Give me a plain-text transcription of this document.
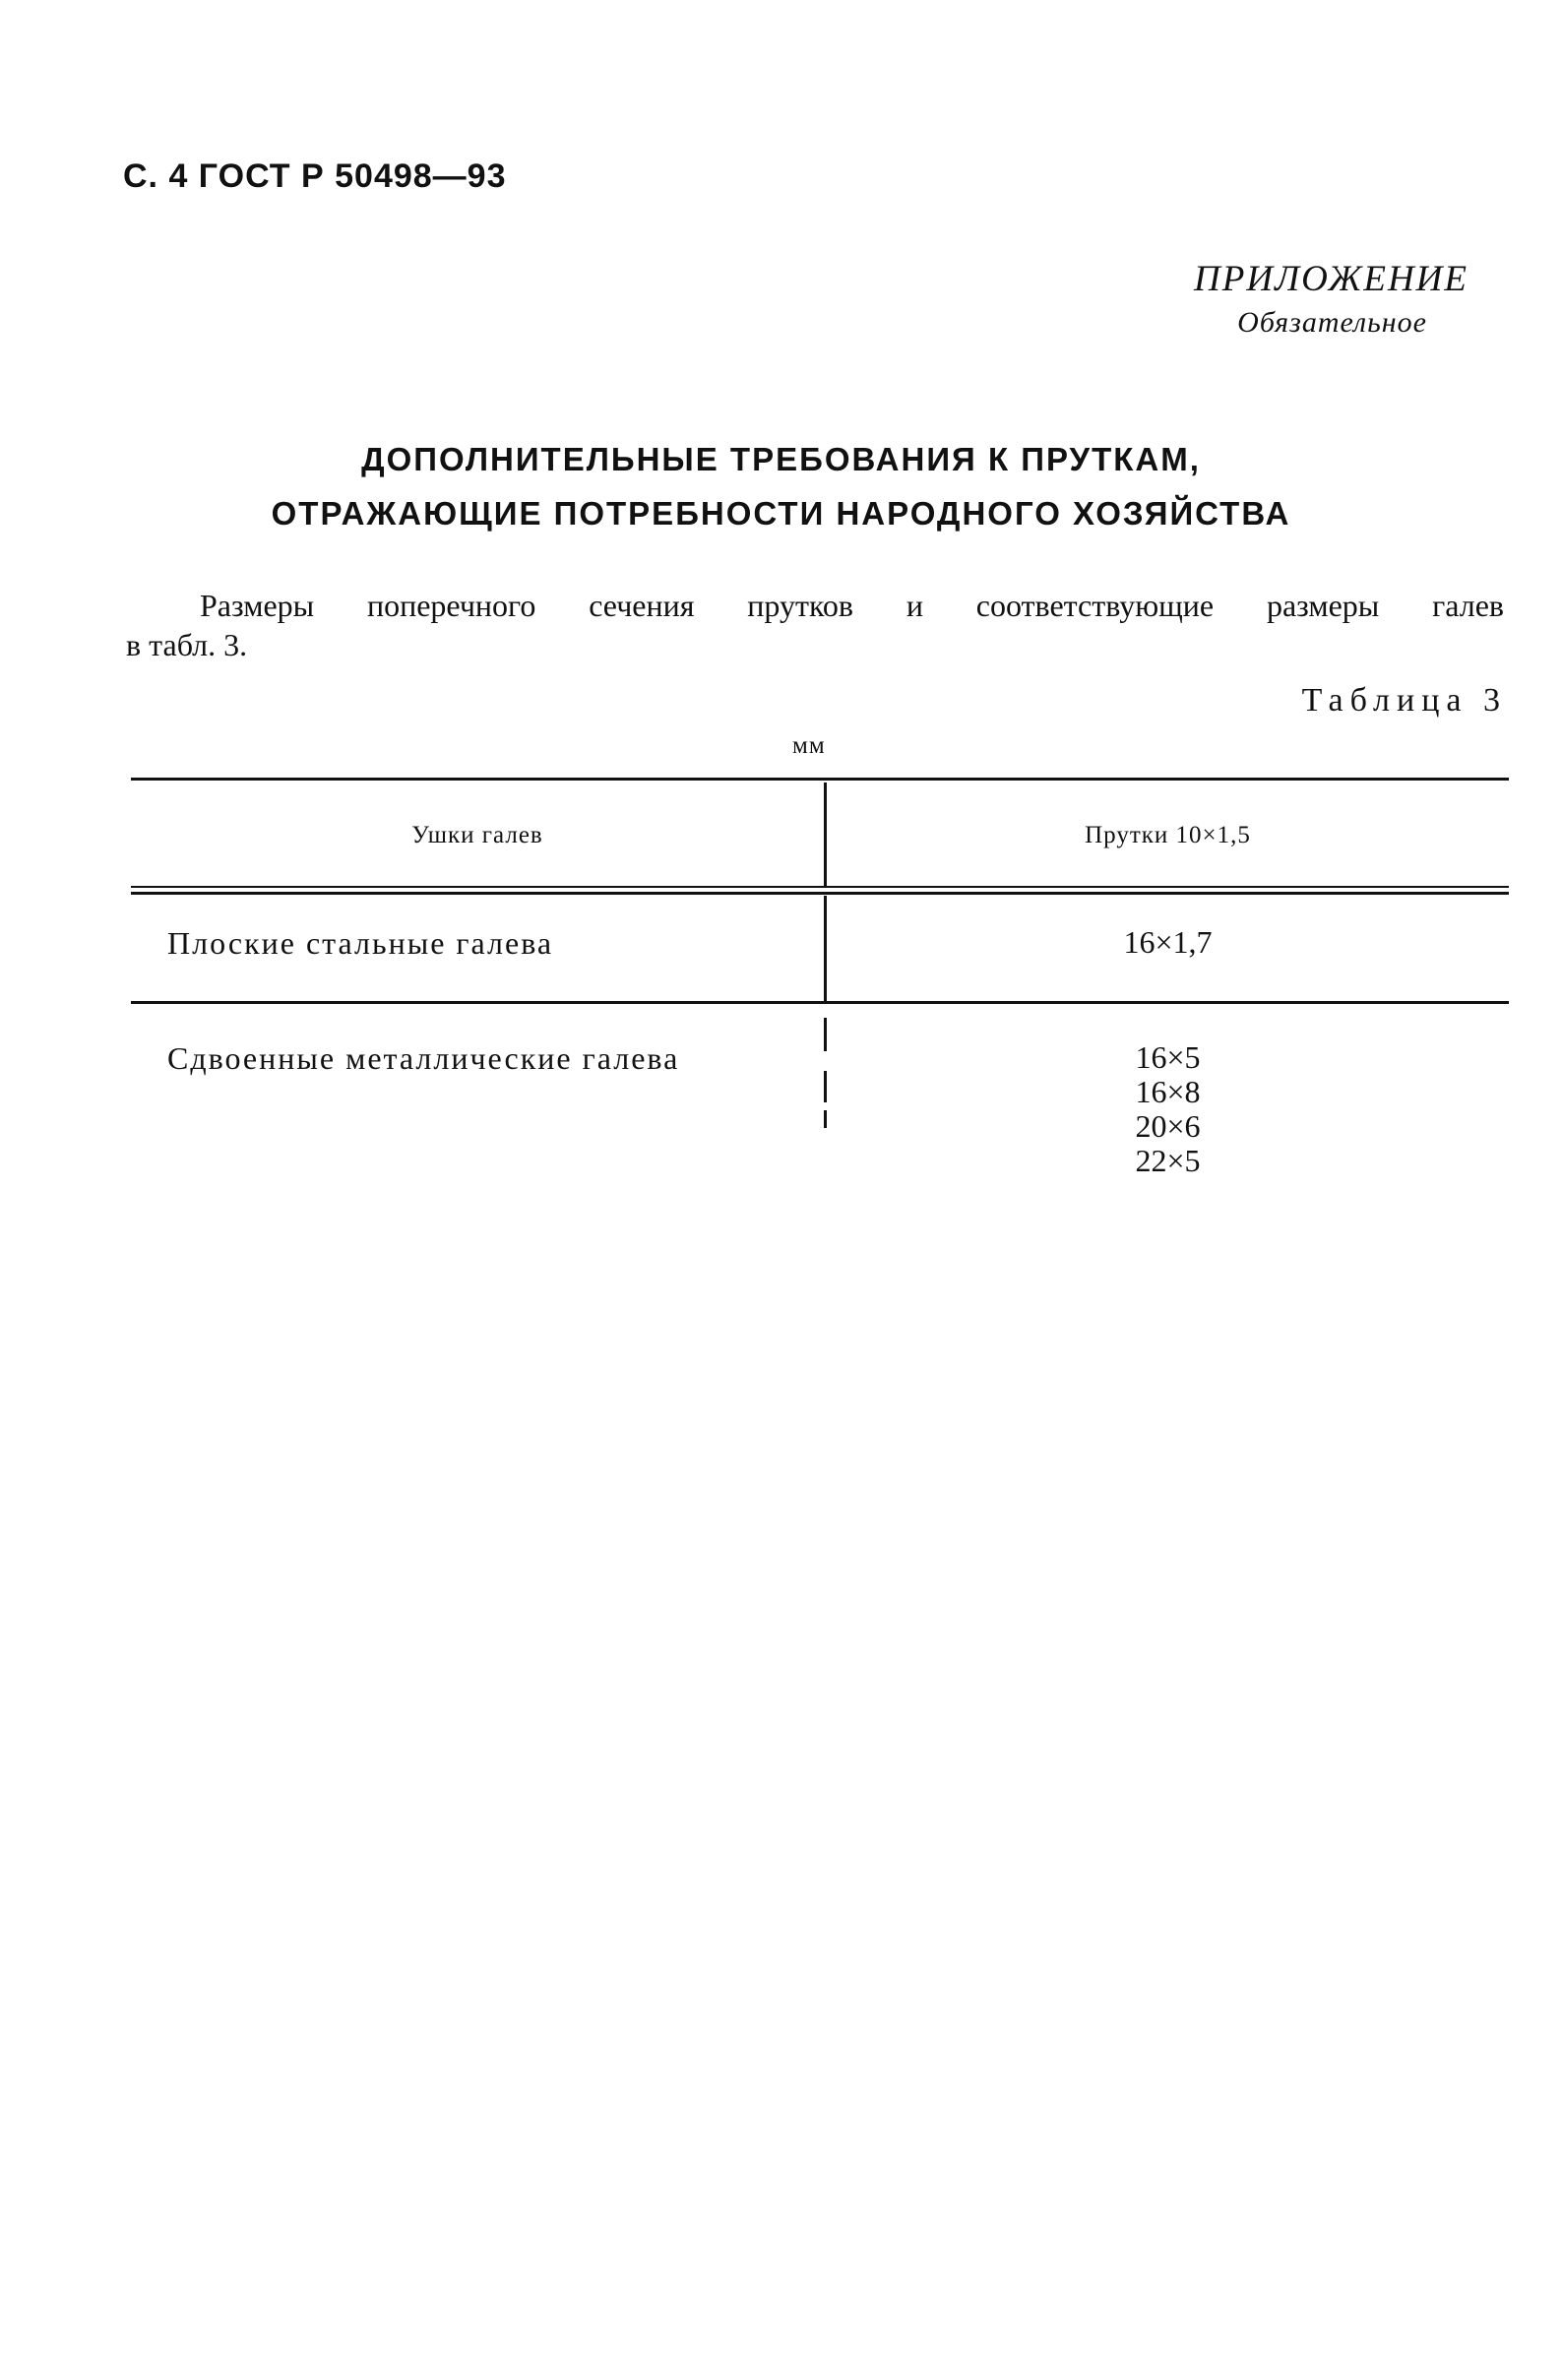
С. 4 ГОСТ Р 50498—93
ПРИЛОЖЕНИЕ
Обязательное
ДОПОЛНИТЕЛЬНЫЕ ТРЕБОВАНИЯ К ПРУТКАМ,
ОТРАЖАЮЩИЕ ПОТРЕБНОСТИ НАРОДНОГО ХОЗЯЙСТВА
Размеры поперечного сечения прутков и соответствующие размеры галев
в табл. 3.
Таблица 3
мм
Ушки галев	Прутки 10×1,5
Плоские стальные галева	16×1,7
Сдвоенные металлические галева	16×5
16×8
20×6
22×5
